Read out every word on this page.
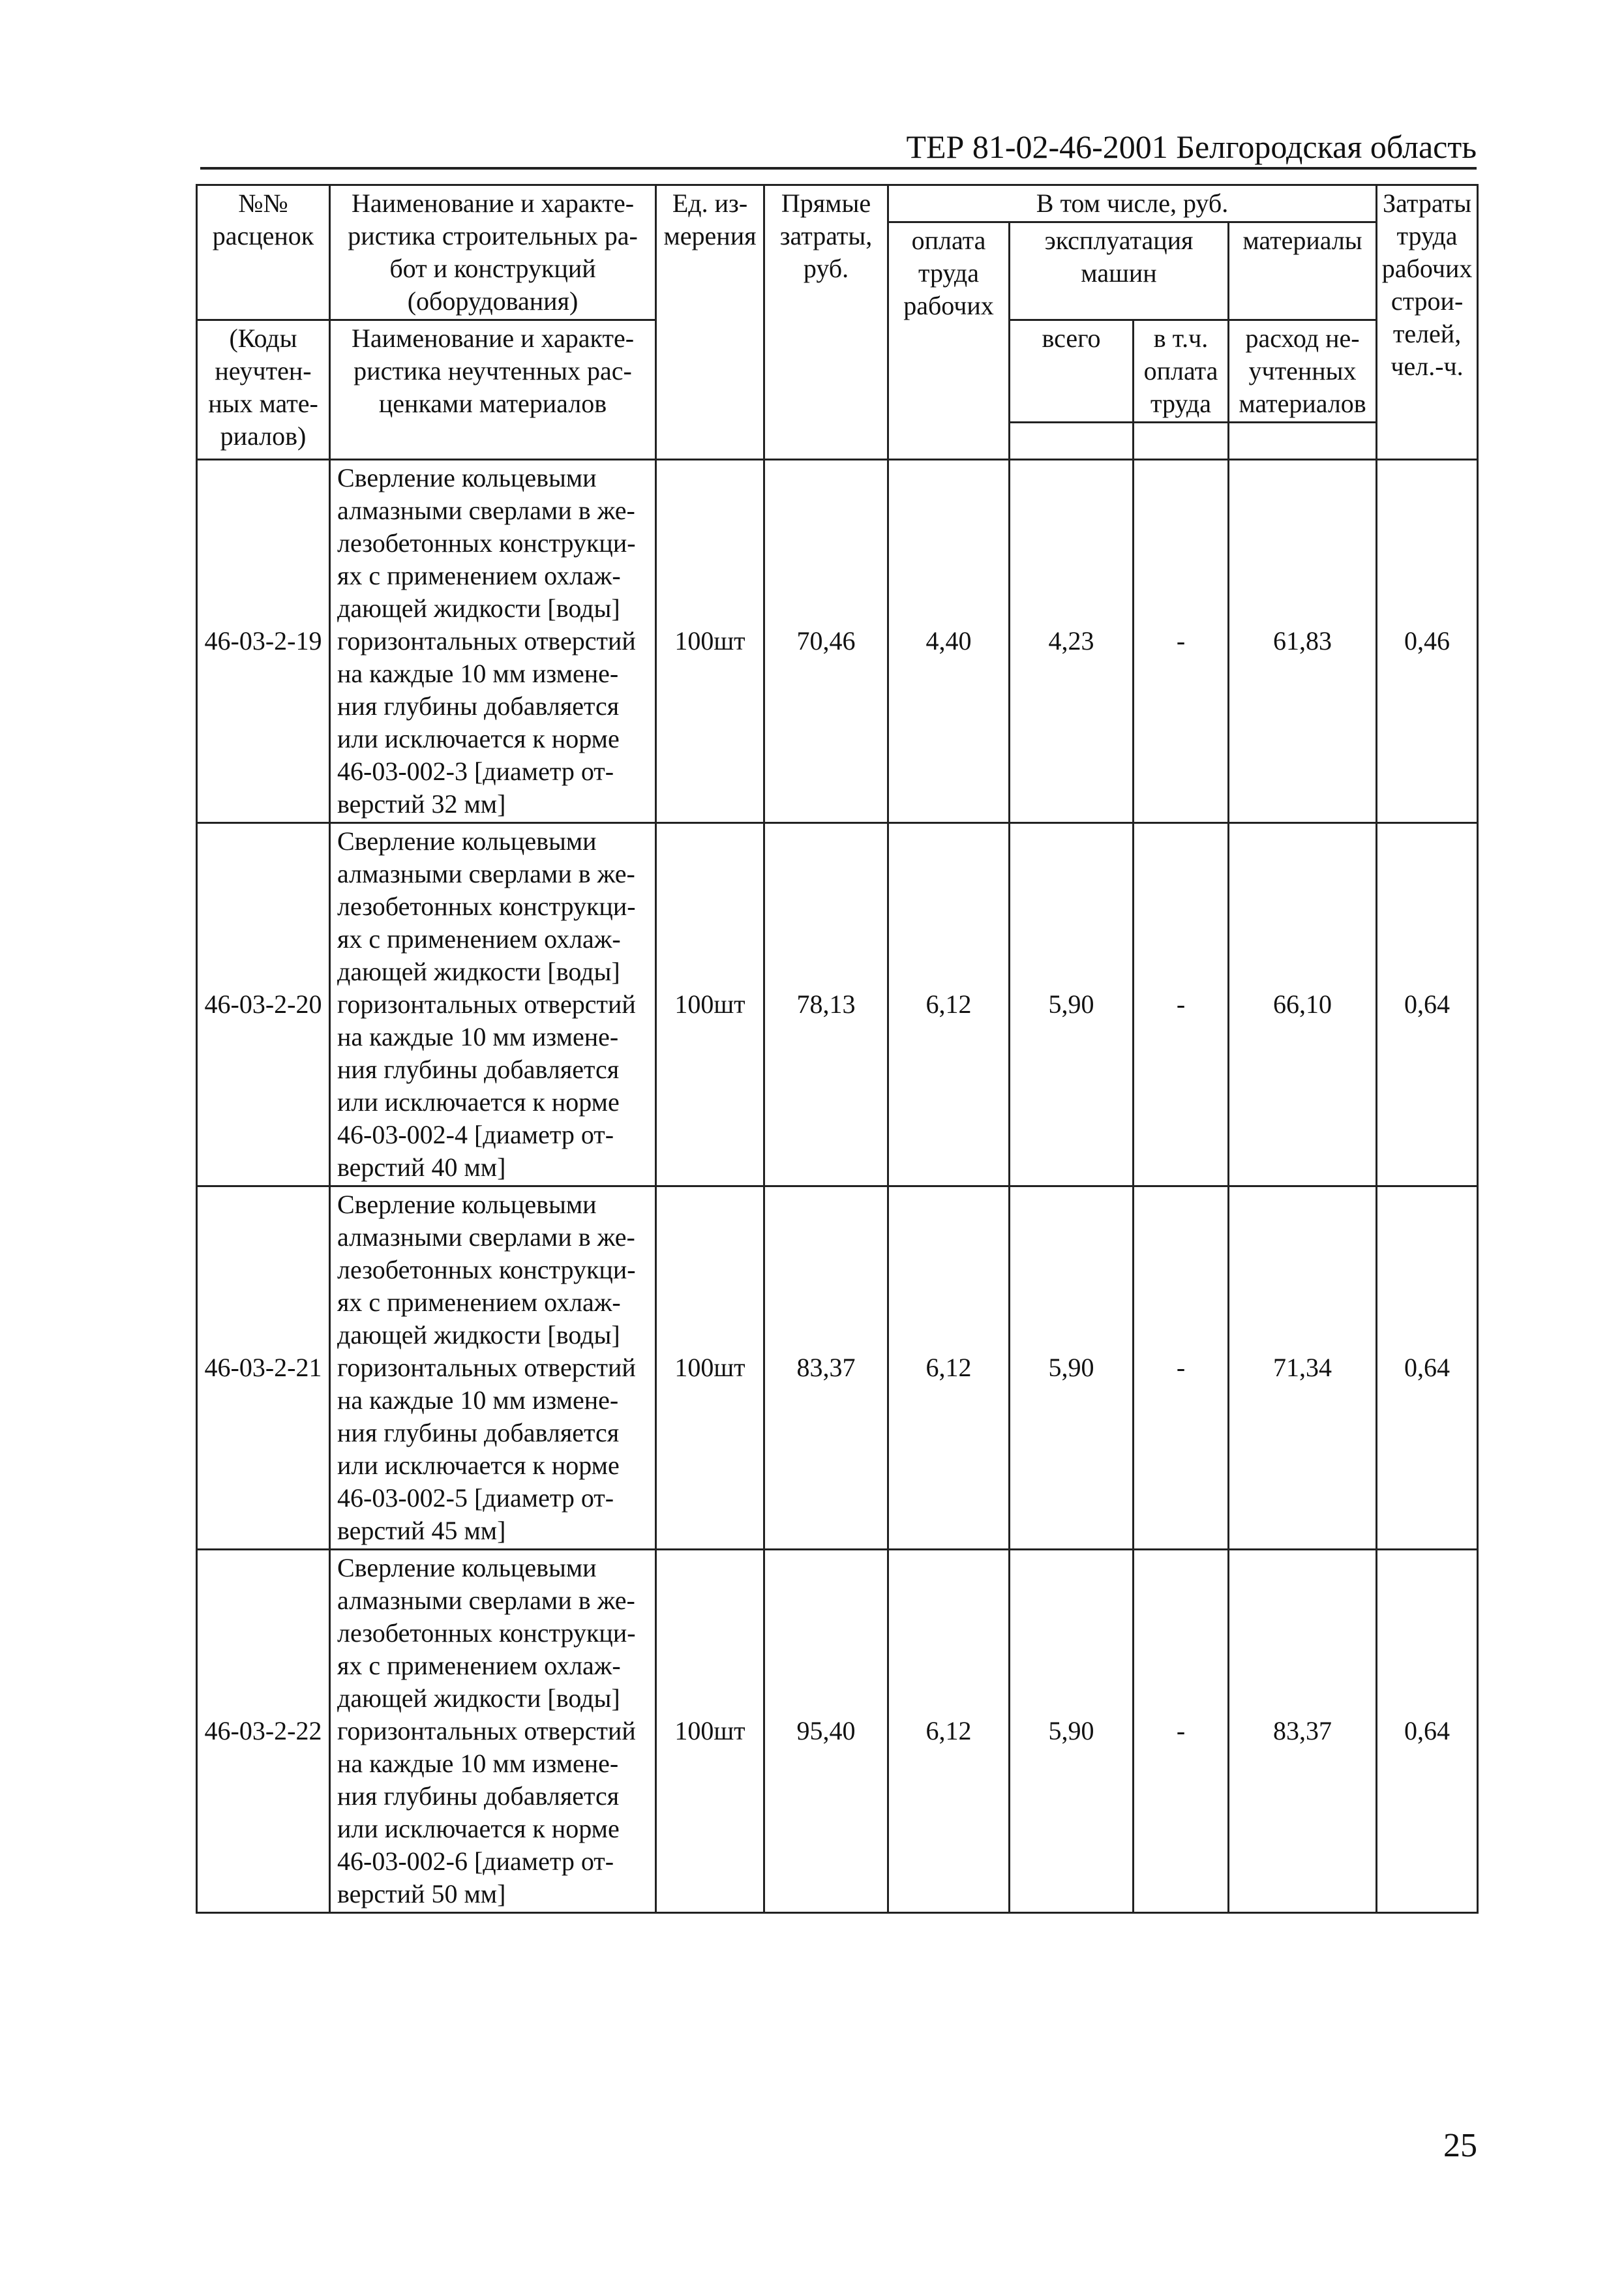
ТЕР 81-02-46-2001 Белгородская область
№№ расценок	Наименование и характе-ристика строительных ра-бот и конструкций (оборудования)	Ед. из-мерения	Прямые затраты, руб.	В том числе, руб.				Затраты труда рабочих строи-телей, чел.-ч.
				оплата труда рабочих	эксплуатация машин		материалы	
(Коды неучтен-ных мате-риалов)	Наименование и характе-ристика неучтенных рас-ценками материалов				всего	в т.ч. оплата труда	расход не-учтенных материалов	

46-03-2-19	Сверление кольцевыми алмазными сверлами в же-лезобетонных конструкци-ях с применением охлаж-дающей жидкости [воды] горизонтальных отверстий на каждые 10 мм измене-ния глубины добавляется или исключается к норме 46-03-002-3 [диаметр от-верстий 32 мм]	100шт	70,46	4,40	4,23	-	61,83	0,46
46-03-2-20	Сверление кольцевыми алмазными сверлами в же-лезобетонных конструкци-ях с применением охлаж-дающей жидкости [воды] горизонтальных отверстий на каждые 10 мм измене-ния глубины добавляется или исключается к норме 46-03-002-4 [диаметр от-верстий 40 мм]	100шт	78,13	6,12	5,90	-	66,10	0,64
46-03-2-21	Сверление кольцевыми алмазными сверлами в же-лезобетонных конструкци-ях с применением охлаж-дающей жидкости [воды] горизонтальных отверстий на каждые 10 мм измене-ния глубины добавляется или исключается к норме 46-03-002-5 [диаметр от-верстий 45 мм]	100шт	83,37	6,12	5,90	-	71,34	0,64
46-03-2-22	Сверление кольцевыми алмазными сверлами в же-лезобетонных конструкци-ях с применением охлаж-дающей жидкости [воды] горизонтальных отверстий на каждые 10 мм измене-ния глубины добавляется или исключается к норме 46-03-002-6 [диаметр от-верстий 50 мм]	100шт	95,40	6,12	5,90	-	83,37	0,64
25
